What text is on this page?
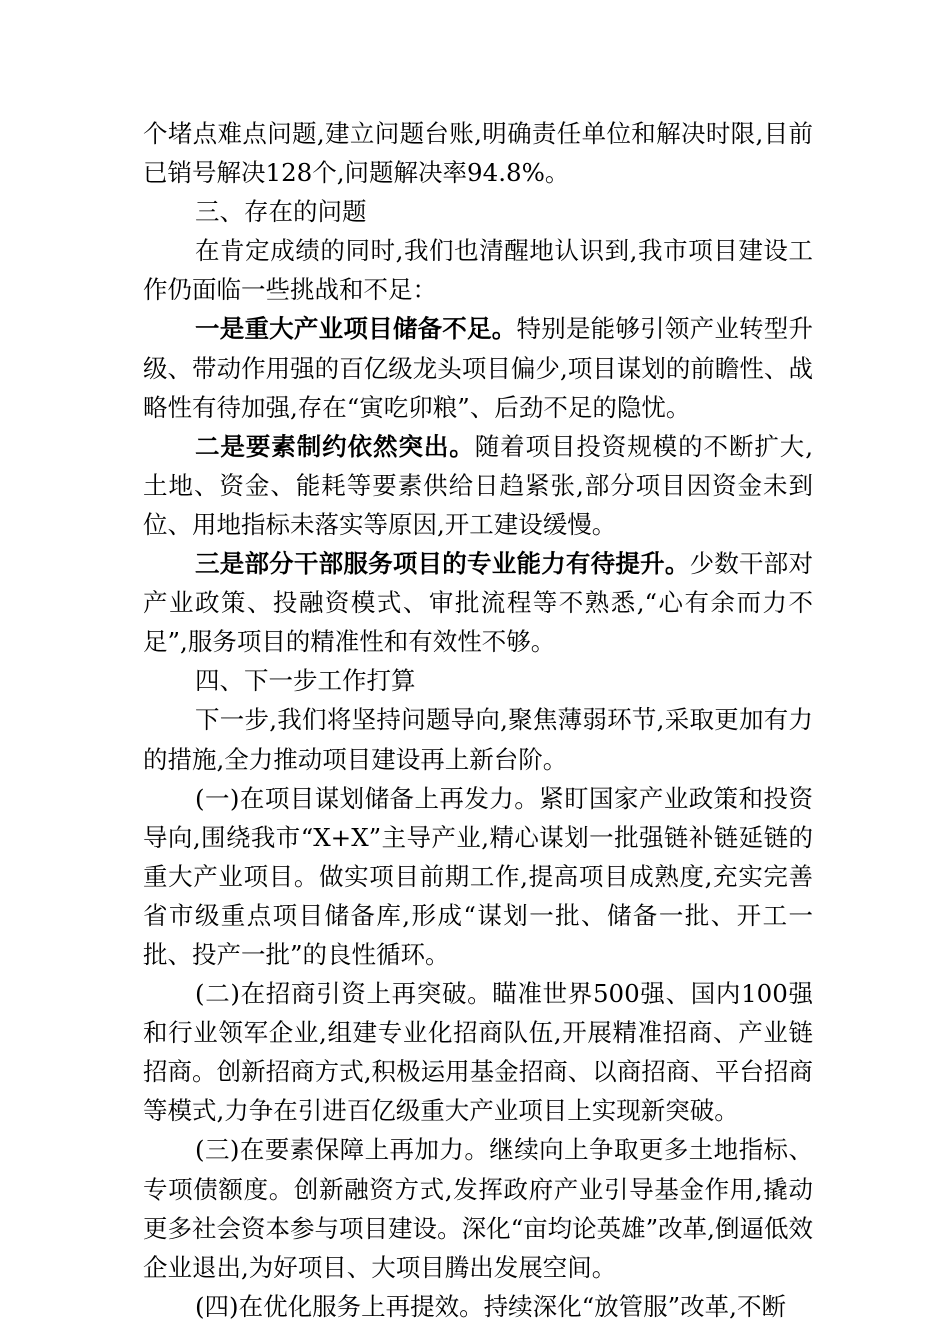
个堵点难点问题,建立问题台账,明确责任单位和解决时限,目前已销号解决128个,问题解决率94.8%。

三、存在的问题

在肯定成绩的同时,我们也清醒地认识到,我市项目建设工作仍面临一些挑战和不足：

一是重大产业项目储备不足。特别是能够引领产业转型升级、带动作用强的百亿级龙头项目偏少,项目谋划的前瞻性、战略性有待加强,存在“寅吃卯粮”、后劲不足的隐忧。

二是要素制约依然突出。随着项目投资规模的不断扩大,土地、资金、能耗等要素供给日趋紧张,部分项目因资金未到位、用地指标未落实等原因,开工建设缓慢。

三是部分干部服务项目的专业能力有待提升。少数干部对产业政策、投融资模式、审批流程等不熟悉,“心有余而力不足”,服务项目的精准性和有效性不够。

四、下一步工作打算

下一步,我们将坚持问题导向,聚焦薄弱环节,采取更加有力的措施,全力推动项目建设再上新台阶。

(一)在项目谋划储备上再发力。紧盯国家产业政策和投资导向,围绕我市“X+X”主导产业,精心谋划一批强链补链延链的重大产业项目。做实项目前期工作,提高项目成熟度,充实完善省市级重点项目储备库,形成“谋划一批、储备一批、开工一批、投产一批”的良性循环。

(二)在招商引资上再突破。瞄准世界500强、国内100强和行业领军企业,组建专业化招商队伍,开展精准招商、产业链招商。创新招商方式,积极运用基金招商、以商招商、平台招商等模式,力争在引进百亿级重大产业项目上实现新突破。

(三)在要素保障上再加力。继续向上争取更多土地指标、专项债额度。创新融资方式,发挥政府产业引导基金作用,撬动更多社会资本参与项目建设。深化“亩均论英雄”改革,倒逼低效企业退出,为好项目、大项目腾出发展空间。

(四)在优化服务上再提效。持续深化“放管服”改革,不断
